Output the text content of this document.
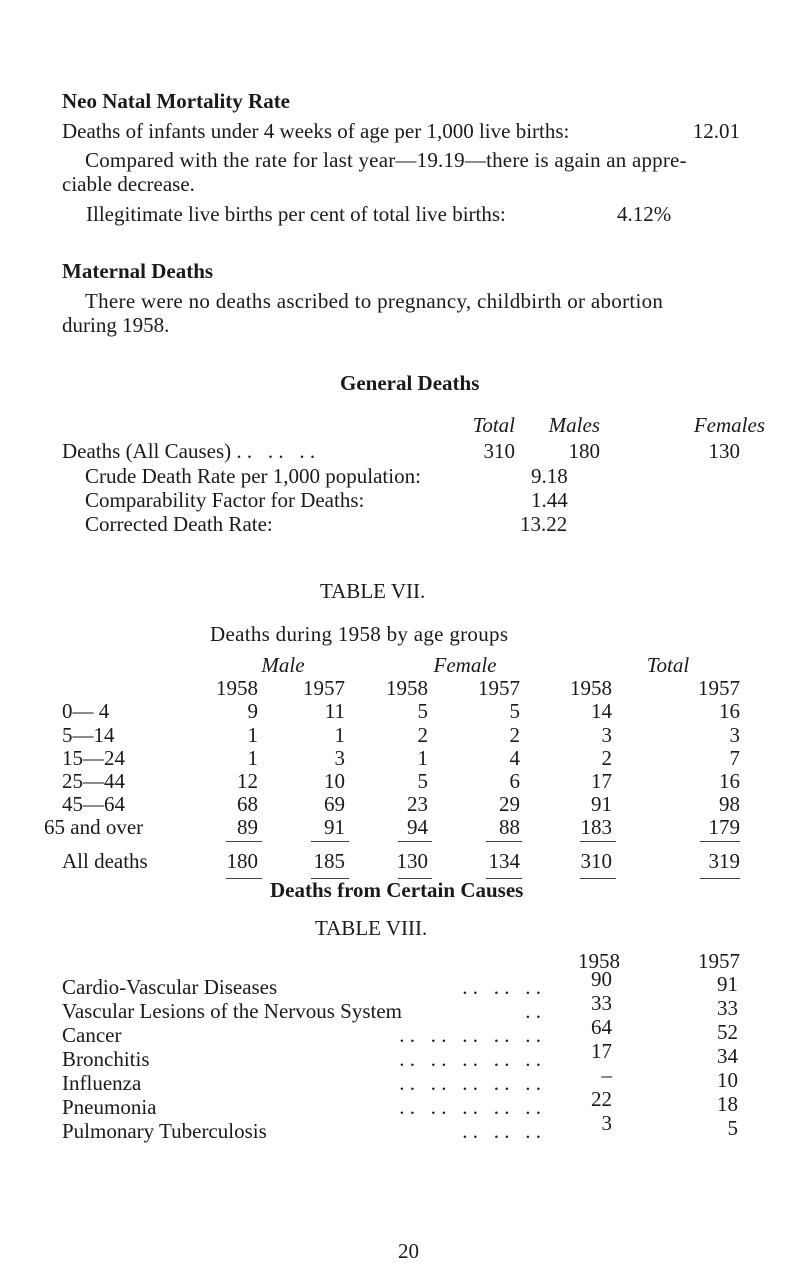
Neo Natal Mortality Rate
Deaths of infants under 4 weeks of age per 1,000 live births:	12.01
Compared with the rate for last year—19.19—there is again an appre-
ciable decrease.
Illegitimate live births per cent of total live births:	4.12%
Maternal Deaths
There were no deaths ascribed to pregnancy, childbirth or abortion
during 1958.
General Deaths
Total	Males	Females
Deaths (All Causes) . .   . .   . .	310	180	130
Crude Death Rate per 1,000 population:	9.18
Comparability Factor for Deaths:	1.44
Corrected Death Rate:	13.22
TABLE VII.
Deaths during 1958 by age groups
Male	Female	Total
1958	1957	1958	1957	1958	1957
0— 4	9	11	5	5	14	16
5—14	1	1	2	2	3	3
15—24	1	3	1	4	2	7
25—44	12	10	5	6	17	16
45—64	68	69	23	29	91	98
65 and over	89	91	94	88	183	179
All deaths	180	185	130	134	310	319
Deaths from Certain Causes
TABLE VIII.
1958	1957
Cardio-Vascular Diseases	. .   . .   . .	90	91
Vascular Lesions of the Nervous System	. .	33	33
Cancer	. .   . .   . .   . .   . .	64	52
Bronchitis	. .   . .   . .   . .   . .	17	34
Influenza	. .   . .   . .   . .   . .	–	10
Pneumonia	. .   . .   . .   . .   . .	22	18
Pulmonary Tuberculosis	. .   . .   . .	3	5
20
